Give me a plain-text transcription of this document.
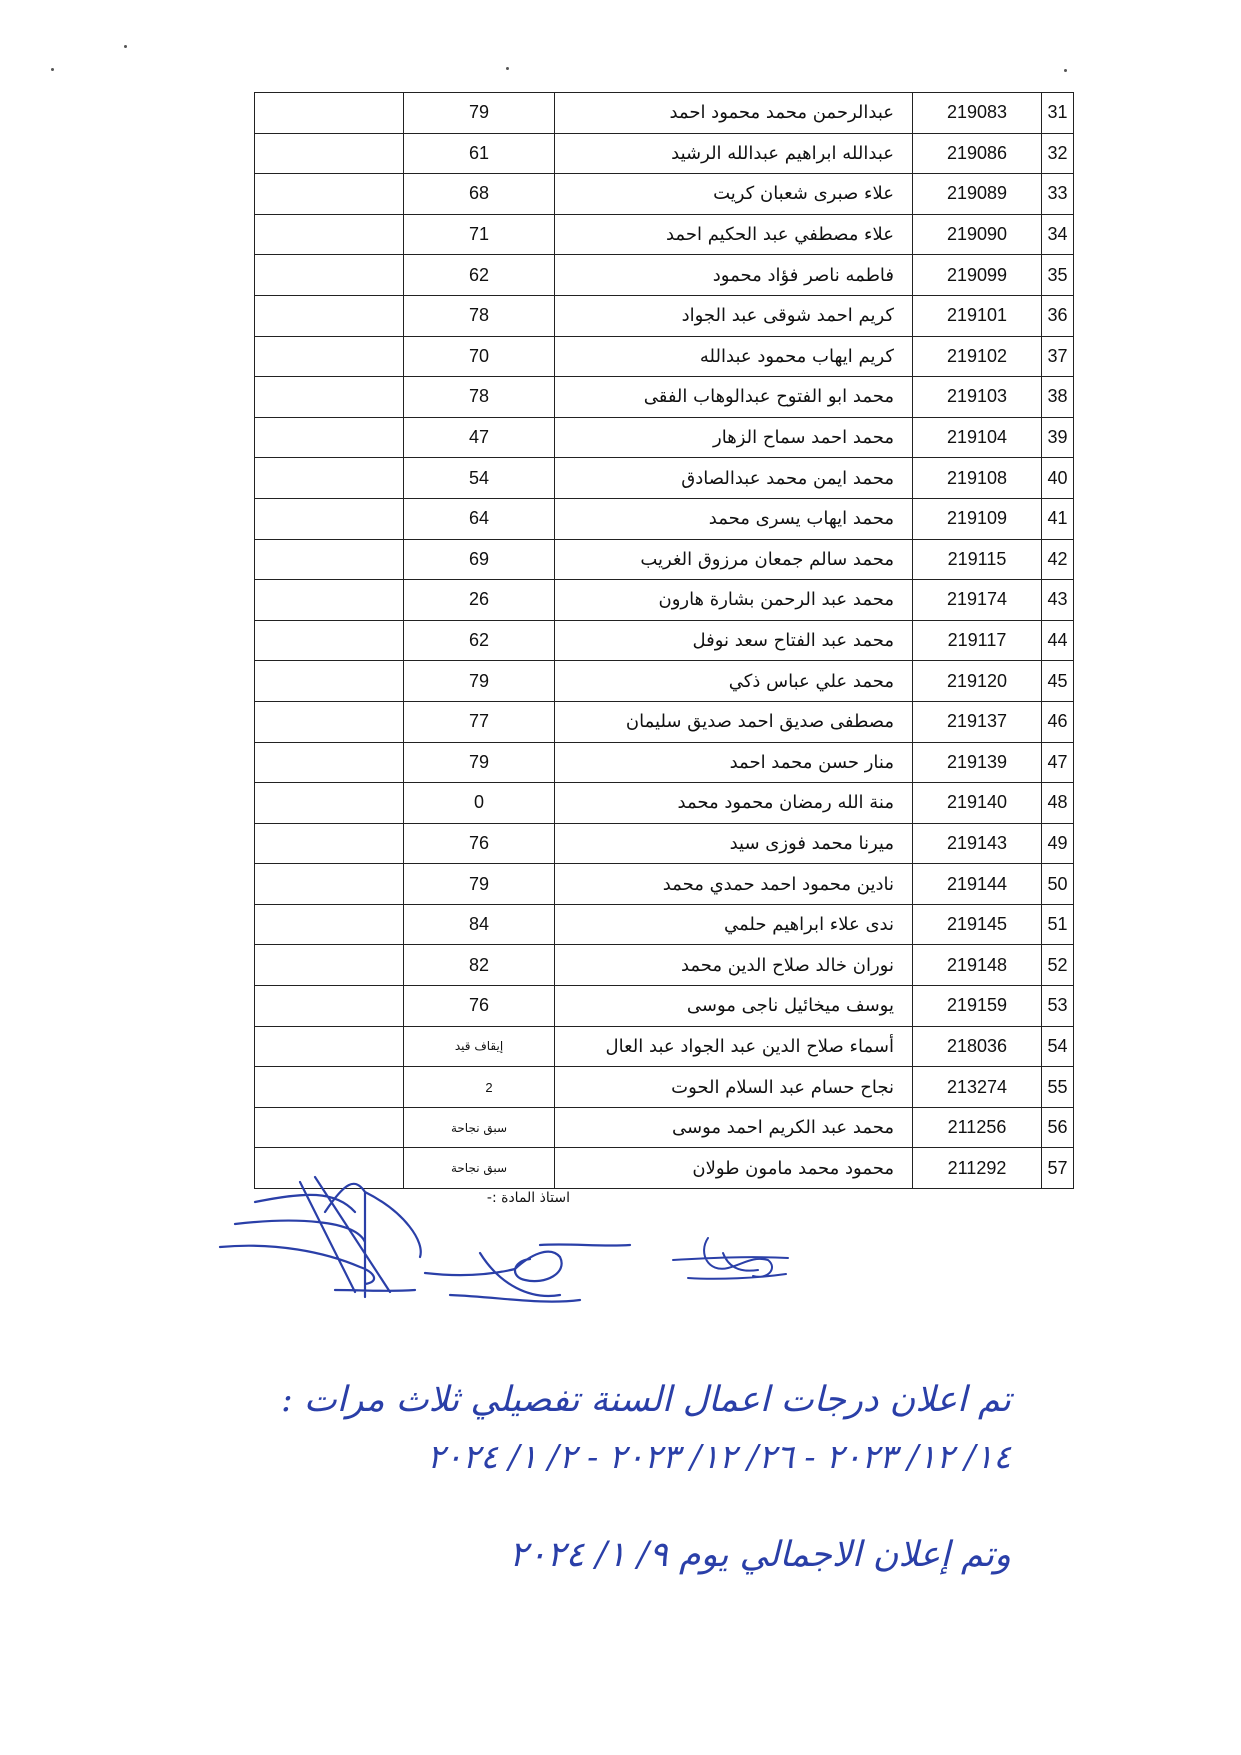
	79	عبدالرحمن محمد محمود احمد	219083	31
	61	عبدالله ابراهيم عبدالله الرشيد	219086	32
	68	علاء صبرى شعبان كريت	219089	33
	71	علاء مصطفي عبد الحكيم احمد	219090	34
	62	فاطمه ناصر فؤاد محمود	219099	35
	78	كريم احمد شوقى عبد الجواد	219101	36
	70	كريم ايهاب محمود عبدالله	219102	37
	78	محمد ابو الفتوح عبدالوهاب الفقى	219103	38
	47	محمد احمد سماح الزهار	219104	39
	54	محمد ايمن محمد عبدالصادق	219108	40
	64	محمد ايهاب يسرى محمد	219109	41
	69	محمد سالم جمعان مرزوق الغريب	219115	42
	26	محمد عبد الرحمن بشارة هارون	219174	43
	62	محمد عبد الفتاح سعد نوفل	219117	44
	79	محمد علي عباس ذكي	219120	45
	77	مصطفى صديق احمد صديق سليمان	219137	46
	79	منار حسن محمد احمد	219139	47
	0	منة الله رمضان محمود محمد	219140	48
	76	ميرنا محمد فوزى سيد	219143	49
	79	نادين محمود احمد حمدي محمد	219144	50
	84	ندى علاء ابراهيم حلمي	219145	51
	82	نوران خالد صلاح الدين محمد	219148	52
	76	يوسف ميخائيل ناجى موسى	219159	53
	إيقاف قيد	أسماء صلاح الدين عبد الجواد عبد العال	218036	54
	2	نجاح حسام عبد السلام الحوت	213274	55
	سبق نجاحة	محمد عبد الكريم احمد موسى	211256	56
	سبق نجاحة	محمود محمد مامون طولان	211292	57
استاذ المادة :-
تم اعلان درجات اعمال السنة تفصيلي ثلاث مرات :
١٤/ ١٢/ ٢٠٢٣ - ٢٦/ ١٢/ ٢٠٢٣ - ٢/ ١/ ٢٠٢٤
وتم إعلان الاجمالي يوم ٩/ ١/ ٢٠٢٤
